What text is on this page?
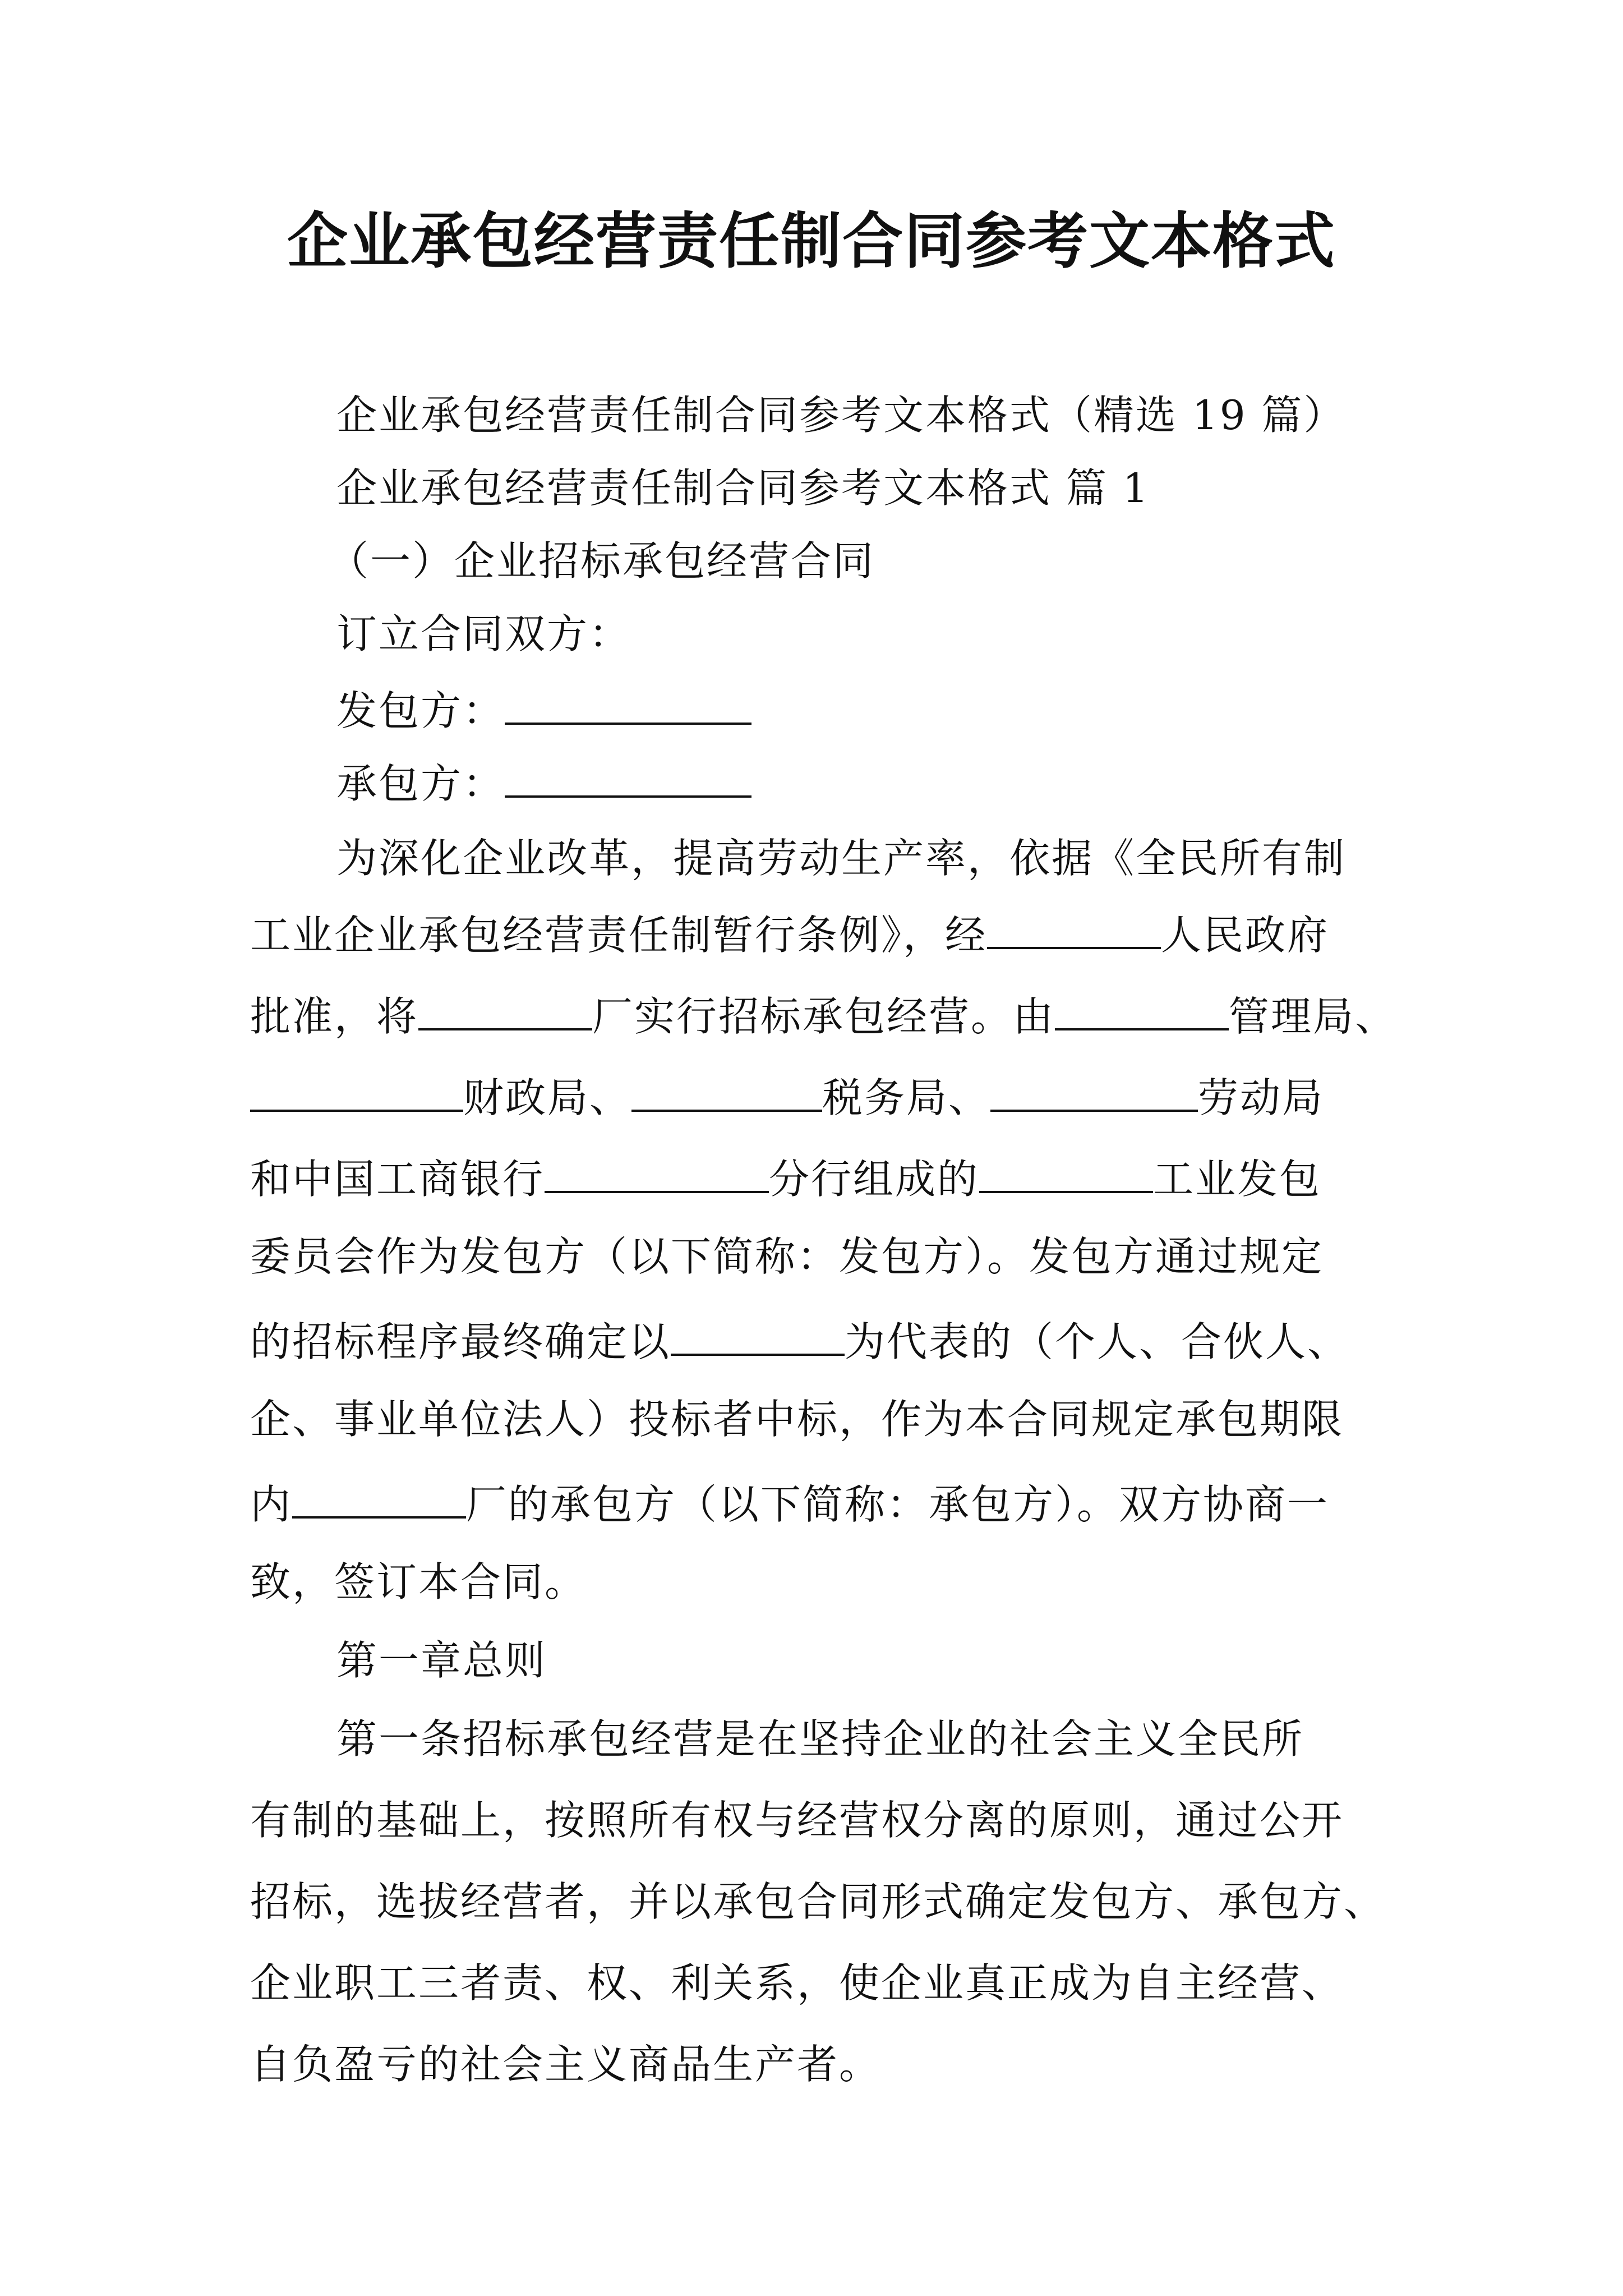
企业承包经营责任制合同参考文本格式
企业承包经营责任制合同参考文本格式（精选 19 篇）
企业承包经营责任制合同参考文本格式 篇 1
（一）企业招标承包经营合同
订立合同双方：
发包方：
承包方：
为深化企业改革，提高劳动生产率，依据《全民所有制
工业企业承包经营责任制暂行条例》，经	人民政府
批准，将	厂实行招标承包经营。由	管理局、
财政局、	税务局、	劳动局
和中国工商银行	分行组成的	工业发包
委员会作为发包方（以下简称：发包方）。发包方通过规定
的招标程序最终确定以	为代表的（个人、合伙人、
企、事业单位法人）投标者中标，作为本合同规定承包期限
内	厂的承包方（以下简称：承包方）。双方协商一
致，签订本合同。
第一章总则
第一条招标承包经营是在坚持企业的社会主义全民所
有制的基础上，按照所有权与经营权分离的原则，通过公开
招标，选拔经营者，并以承包合同形式确定发包方、承包方、
企业职工三者责、权、利关系，使企业真正成为自主经营、
自负盈亏的社会主义商品生产者。
